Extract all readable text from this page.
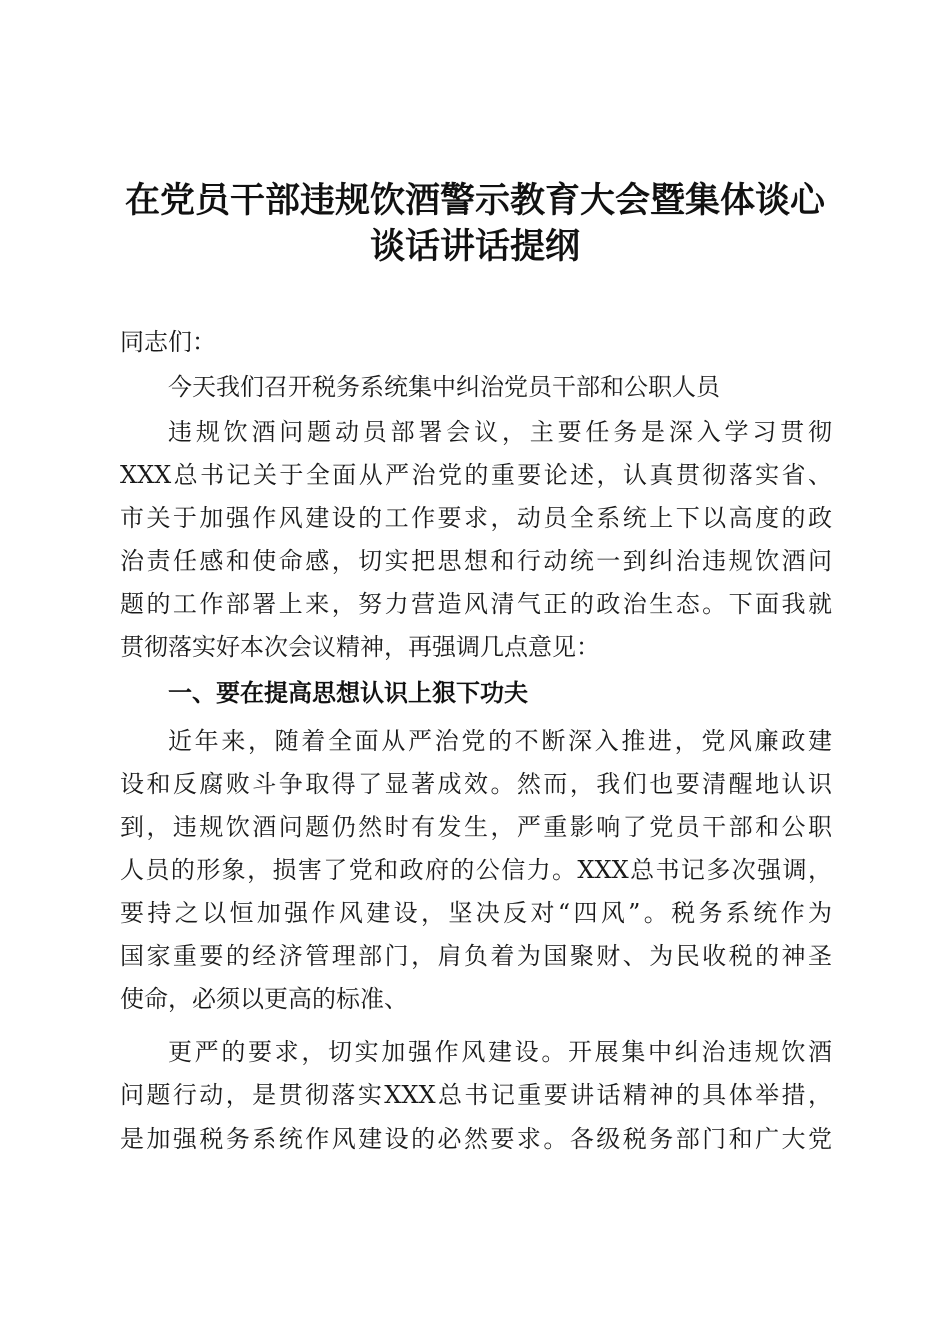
在党员干部违规饮酒警示教育大会暨集体谈心
谈话讲话提纲
同志们：
今天我们召开税务系统集中纠治党员干部和公职人员
违规饮酒问题动员部署会议，主要任务是深入学习贯彻
XXX总书记关于全面从严治党的重要论述，认真贯彻落实省、
市关于加强作风建设的工作要求，动员全系统上下以高度的政
治责任感和使命感，切实把思想和行动统一到纠治违规饮酒问
题的工作部署上来，努力营造风清气正的政治生态。下面我就
贯彻落实好本次会议精神，再强调几点意见：
一、要在提高思想认识上狠下功夫
近年来，随着全面从严治党的不断深入推进，党风廉政建
设和反腐败斗争取得了显著成效。然而，我们也要清醒地认识
到，违规饮酒问题仍然时有发生，严重影响了党员干部和公职
人员的形象，损害了党和政府的公信力。XXX总书记多次强调，
要持之以恒加强作风建设，坚决反对“四风”。税务系统作为
国家重要的经济管理部门，肩负着为国聚财、为民收税的神圣
使命，必须以更高的标准、
更严的要求，切实加强作风建设。开展集中纠治违规饮酒
问题行动，是贯彻落实XXX总书记重要讲话精神的具体举措，
是加强税务系统作风建设的必然要求。各级税务部门和广大党
